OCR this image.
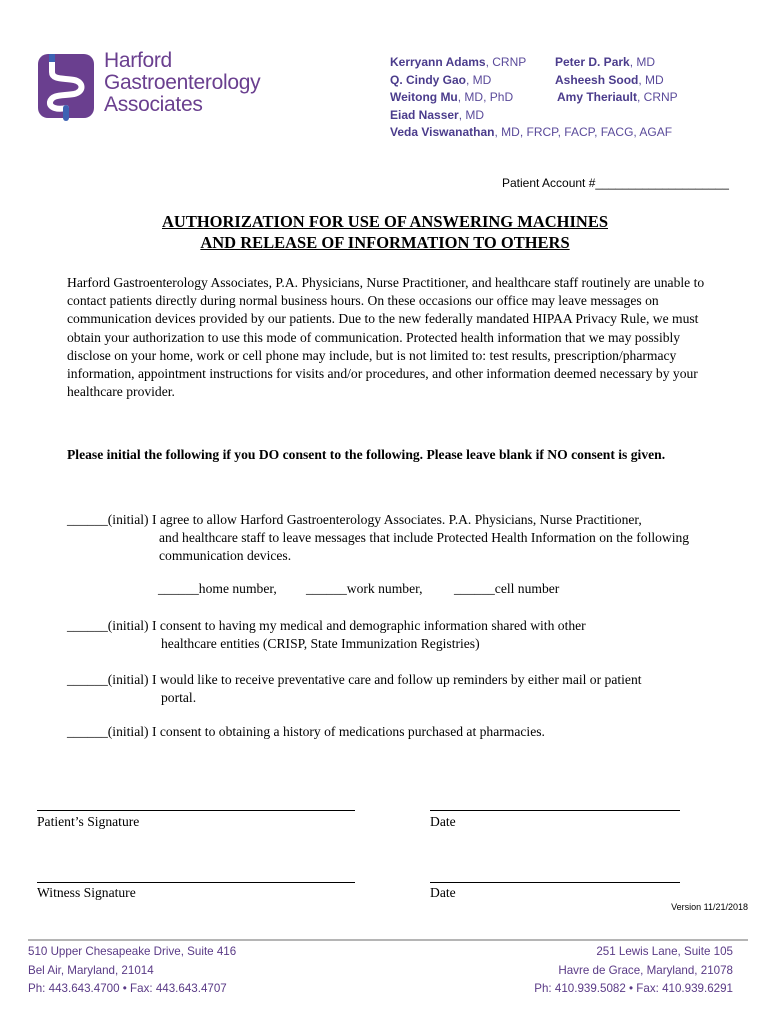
Harford
Gastroenterology
Associates
Kerryann Adams, CRNP
Q. Cindy Gao, MD
Weitong Mu, MD, PhD
Eiad Nasser, MD
Peter D. Park, MD
Asheesh Sood, MD
Amy Theriault, CRNP
Veda Viswanathan, MD, FRCP, FACP, FACG, AGAF
Patient Account #____________________
AUTHORIZATION FOR USE OF ANSWERING MACHINES
AND RELEASE OF INFORMATION TO OTHERS
Harford Gastroenterology Associates, P.A. Physicians, Nurse Practitioner, and healthcare staff routinely are unable to contact patients directly during normal business hours. On these occasions our office may leave messages on communication devices provided by our patients. Due to the new federally mandated HIPAA Privacy Rule, we must obtain your authorization to use this mode of communication. Protected health information that we may possibly disclose on your home, work or cell phone may include, but is not limited to: test results, prescription/pharmacy information, appointment instructions for visits and/or procedures, and other information deemed necessary by your healthcare provider.
Please initial the following if you DO consent to the following. Please leave blank if NO consent is given.
______(initial) I agree to allow Harford Gastroenterology Associates. P.A. Physicians, Nurse Practitioner,
and healthcare staff to leave messages that include Protected Health Information on the following communication devices.
______home number, ______work number, ______cell number
______(initial) I consent to having my medical and demographic information shared with other
healthcare entities (CRISP, State Immunization Registries)
______(initial) I would like to receive preventative care and follow up reminders by either mail or patient
portal.
______(initial) I consent to obtaining a history of medications purchased at pharmacies.
Patient’s Signature	Date
Witness Signature	Date
Version 11/21/2018
510 Upper Chesapeake Drive, Suite 416
Bel Air, Maryland, 21014
Ph: 443.643.4700 • Fax: 443.643.4707
251 Lewis Lane, Suite 105
Havre de Grace, Maryland, 21078
Ph: 410.939.5082 • Fax: 410.939.6291
